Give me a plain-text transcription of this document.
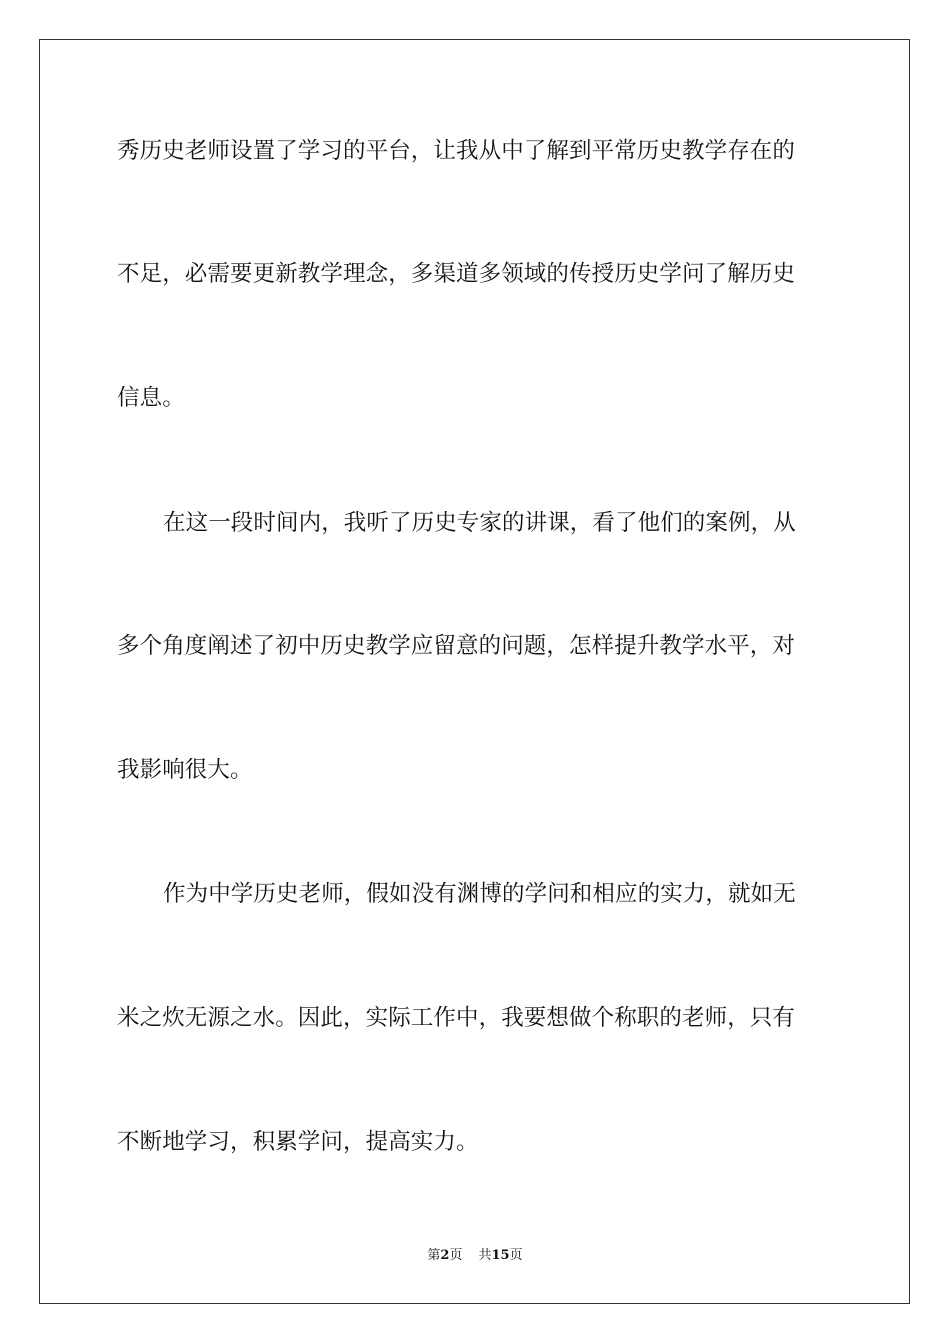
秀历史老师设置了学习的平台，让我从中了解到平常历史教学存在的
不足，必需要更新教学理念，多渠道多领域的传授历史学问了解历史
信息。
在这一段时间内，我听了历史专家的讲课，看了他们的案例，从
多个角度阐述了初中历史教学应留意的问题，怎样提升教学水平，对
我影响很大。
作为中学历史老师，假如没有渊博的学问和相应的实力，就如无
米之炊无源之水。因此，实际工作中，我要想做个称职的老师，只有
不断地学习，积累学问，提高实力。
第2页 共15页
